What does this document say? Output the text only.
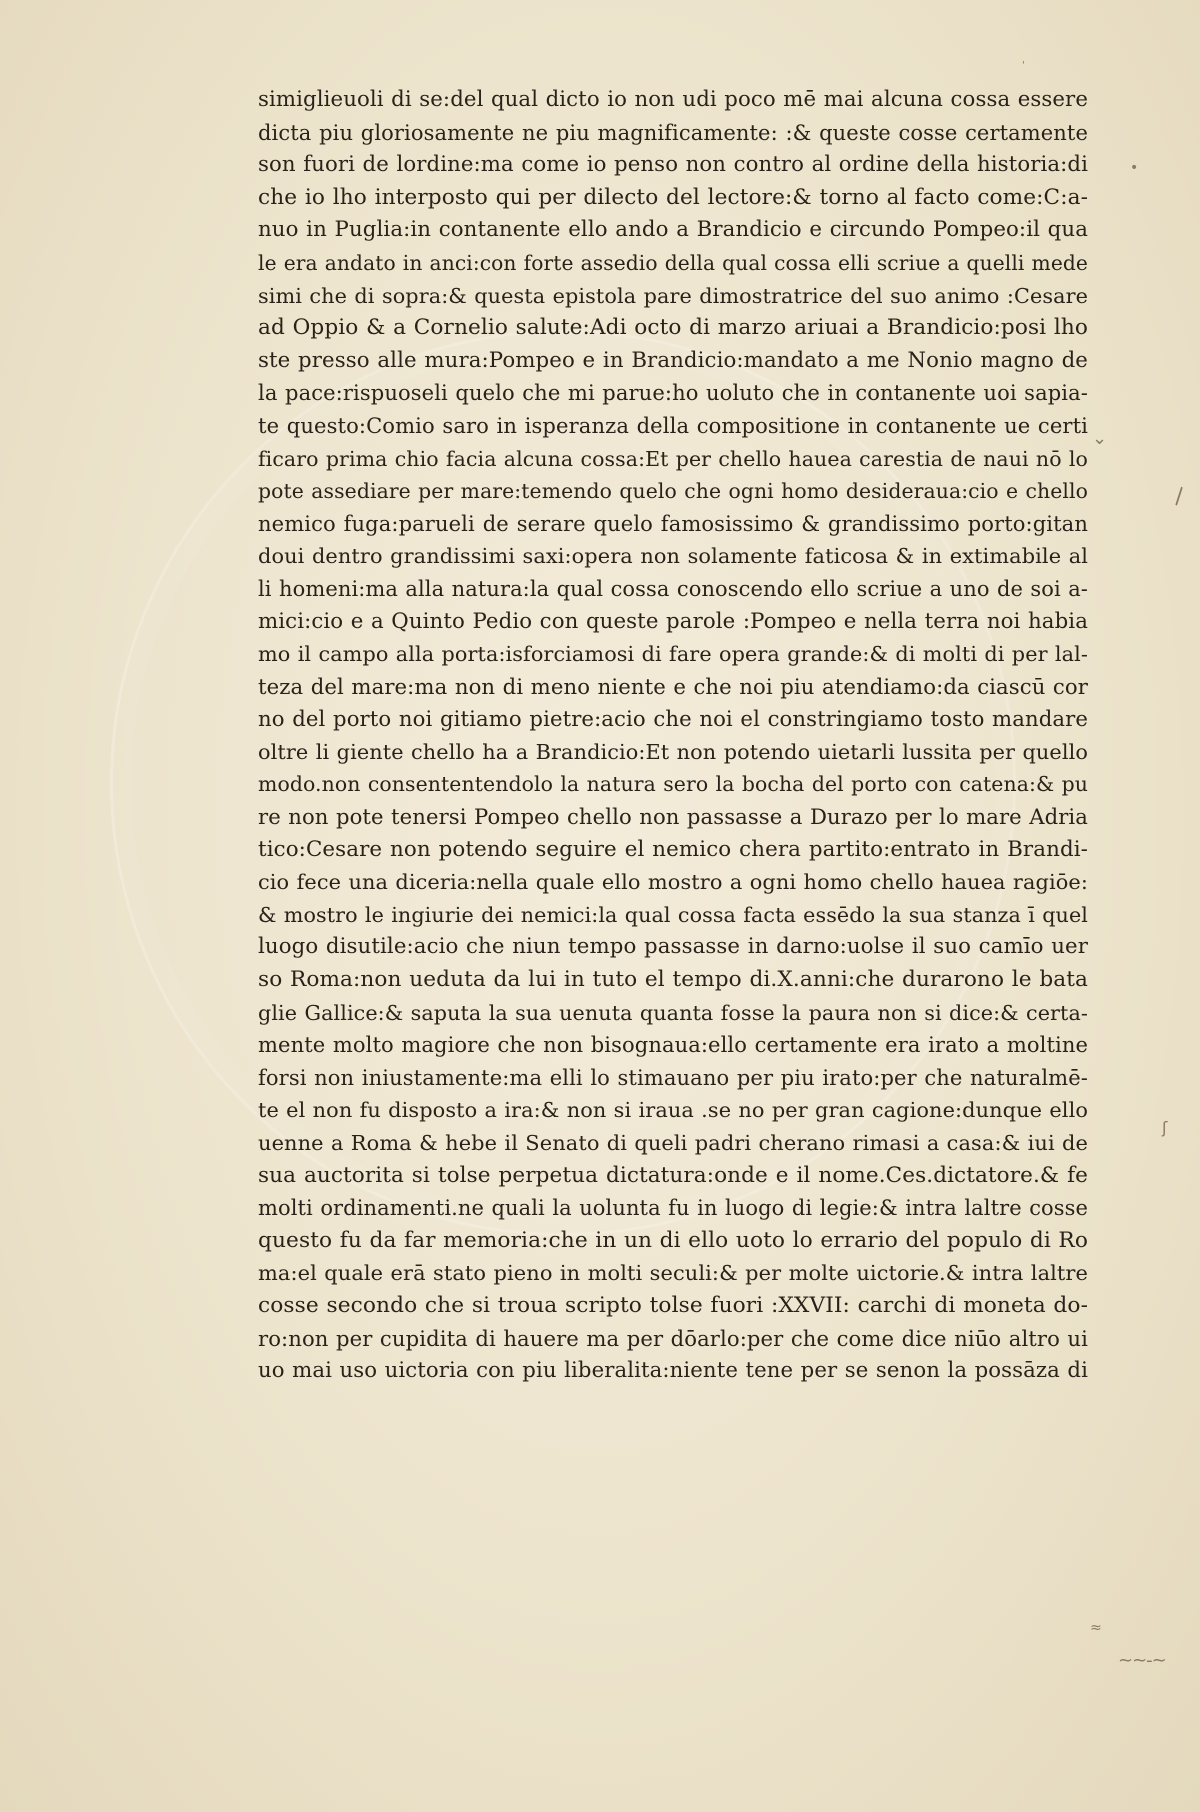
simiglieuoli di se:del qual dicto io non udi poco mē mai alcuna cossa essere
dicta piu gloriosamente ne piu magnificamente: :& queste cosse certamente
son fuori de lordine:ma come io penso non contro al ordine della historia:di
che io lho interposto qui per dilecto del lectore:& torno al facto come:C:a-
nuo in Puglia:in contanente ello ando a Brandicio e circundo Pompeo:il qua
le era andato in anci:con forte assedio della qual cossa elli scriue a quelli mede
simi che di sopra:& questa epistola pare dimostratrice del suo animo :Cesare
ad Oppio & a Cornelio salute:Adi octo di marzo ariuai a Brandicio:posi lho
ste presso alle mura:Pompeo e in Brandicio:mandato a me Nonio magno de
la pace:rispuoseli quelo che mi parue:ho uoluto che in contanente uoi sapia-
te questo:Comio saro in isperanza della compositione in contanente ue certi
ficaro prima chio facia alcuna cossa:Et per chello hauea carestia de naui nō lo
pote assediare per mare:temendo quelo che ogni homo desideraua:cio e chello
nemico fuga:parueli de serare quelo famosissimo & grandissimo porto:gitan
doui dentro grandissimi saxi:opera non solamente faticosa & in extimabile al
li homeni:ma alla natura:la qual cossa conoscendo ello scriue a uno de soi a-
mici:cio e a Quinto Pedio con queste parole :Pompeo e nella terra noi habia
mo il campo alla porta:isforciamosi di fare opera grande:& di molti di per lal-
teza del mare:ma non di meno niente e che noi piu atendiamo:da ciascū cor
no del porto noi gitiamo pietre:acio che noi el constringiamo tosto mandare
oltre li giente chello ha a Brandicio:Et non potendo uietarli lussita per quello
modo.non consententendolo la natura sero la bocha del porto con catena:& pu
re non pote tenersi Pompeo chello non passasse a Durazo per lo mare Adria
tico:Cesare non potendo seguire el nemico chera partito:entrato in Brandi-
cio fece una diceria:nella quale ello mostro a ogni homo chello hauea ragiōe:
& mostro le ingiurie dei nemici:la qual cossa facta essēdo la sua stanza ī quel
luogo disutile:acio che niun tempo passasse in darno:uolse il suo camīo uer
so Roma:non ueduta da lui in tuto el tempo di.X.anni:che durarono le bata
glie Gallice:& saputa la sua uenuta quanta fosse la paura non si dice:& certa-
mente molto magiore che non bisognaua:ello certamente era irato a moltine
forsi non iniustamente:ma elli lo stimauano per piu irato:per che naturalmē-
te el non fu disposto a ira:& non si iraua .se no per gran cagione:dunque ello
uenne a Roma & hebe il Senato di queli padri cherano rimasi a casa:& iui de
sua auctorita si tolse perpetua dictatura:onde e il nome.Ces.dictatore.& fe
molti ordinamenti.ne quali la uolunta fu in luogo di legie:& intra laltre cosse
questo fu da far memoria:che in un di ello uoto lo errario del populo di Ro
ma:el quale erā stato pieno in molti seculi:& per molte uictorie.& intra laltre
cosse secondo che si troua scripto tolse fuori :XXVII: carchi di moneta do-
ro:non per cupidita di hauere ma per dōarlo:per che come dice niūo altro ui
uo mai uso uictoria con piu liberalita:niente tene per se senon la possāza di
'
•
⌄
\
ʃ
≈
~~-~
